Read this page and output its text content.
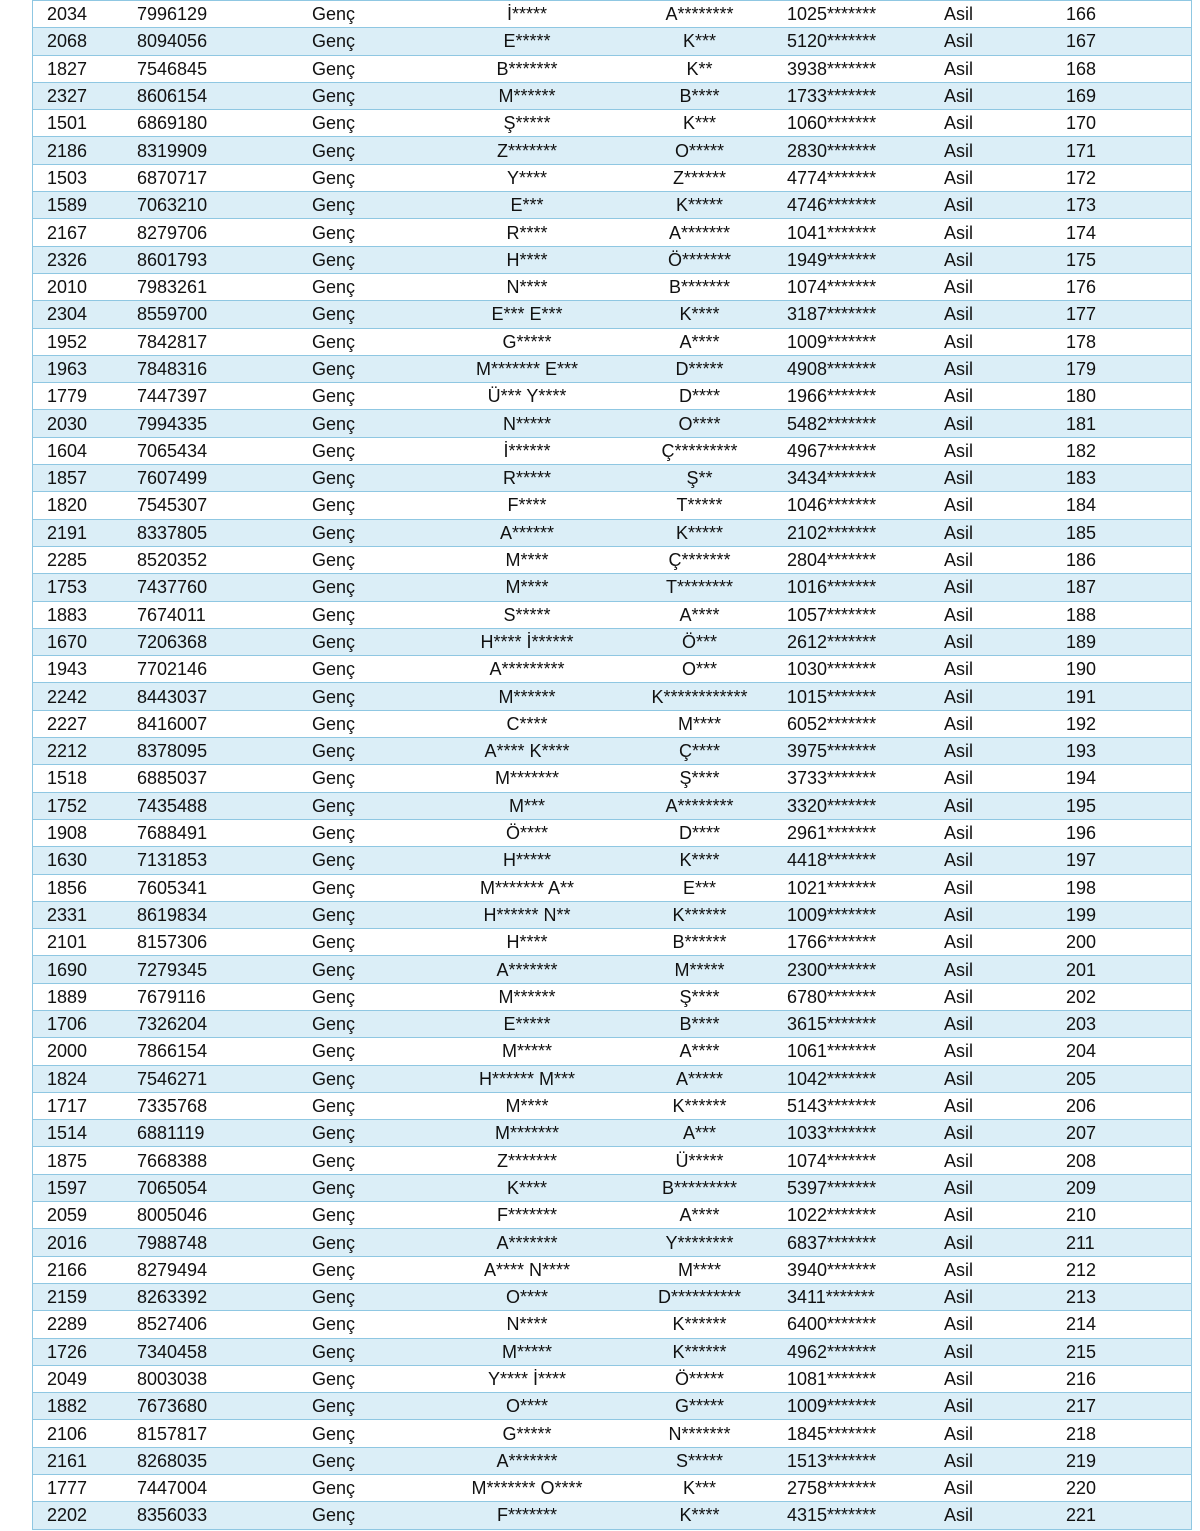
2034	7996129	Genç	İ*****	A********	1025*******	Asil	166
2068	8094056	Genç	E*****	K***	5120*******	Asil	167
1827	7546845	Genç	B*******	K**	3938*******	Asil	168
2327	8606154	Genç	M******	B****	1733*******	Asil	169
1501	6869180	Genç	Ş*****	K***	1060*******	Asil	170
2186	8319909	Genç	Z*******	O*****	2830*******	Asil	171
1503	6870717	Genç	Y****	Z******	4774*******	Asil	172
1589	7063210	Genç	E***	K*****	4746*******	Asil	173
2167	8279706	Genç	R****	A*******	1041*******	Asil	174
2326	8601793	Genç	H****	Ö*******	1949*******	Asil	175
2010	7983261	Genç	N****	B*******	1074*******	Asil	176
2304	8559700	Genç	E*** E***	K****	3187*******	Asil	177
1952	7842817	Genç	G*****	A****	1009*******	Asil	178
1963	7848316	Genç	M******* E***	D*****	4908*******	Asil	179
1779	7447397	Genç	Ü*** Y****	D****	1966*******	Asil	180
2030	7994335	Genç	N*****	O****	5482*******	Asil	181
1604	7065434	Genç	İ******	Ç*********	4967*******	Asil	182
1857	7607499	Genç	R*****	Ş**	3434*******	Asil	183
1820	7545307	Genç	F****	T*****	1046*******	Asil	184
2191	8337805	Genç	A******	K*****	2102*******	Asil	185
2285	8520352	Genç	M****	Ç*******	2804*******	Asil	186
1753	7437760	Genç	M****	T********	1016*******	Asil	187
1883	7674011	Genç	S*****	A****	1057*******	Asil	188
1670	7206368	Genç	H**** İ******	Ö***	2612*******	Asil	189
1943	7702146	Genç	A*********	O***	1030*******	Asil	190
2242	8443037	Genç	M******	K************	1015*******	Asil	191
2227	8416007	Genç	C****	M****	6052*******	Asil	192
2212	8378095	Genç	A**** K****	Ç****	3975*******	Asil	193
1518	6885037	Genç	M*******	Ş****	3733*******	Asil	194
1752	7435488	Genç	M***	A********	3320*******	Asil	195
1908	7688491	Genç	Ö****	D****	2961*******	Asil	196
1630	7131853	Genç	H*****	K****	4418*******	Asil	197
1856	7605341	Genç	M******* A**	E***	1021*******	Asil	198
2331	8619834	Genç	H****** N**	K******	1009*******	Asil	199
2101	8157306	Genç	H****	B******	1766*******	Asil	200
1690	7279345	Genç	A*******	M*****	2300*******	Asil	201
1889	7679116	Genç	M******	Ş****	6780*******	Asil	202
1706	7326204	Genç	E*****	B****	3615*******	Asil	203
2000	7866154	Genç	M*****	A****	1061*******	Asil	204
1824	7546271	Genç	H****** M***	A*****	1042*******	Asil	205
1717	7335768	Genç	M****	K******	5143*******	Asil	206
1514	6881119	Genç	M*******	A***	1033*******	Asil	207
1875	7668388	Genç	Z*******	Ü*****	1074*******	Asil	208
1597	7065054	Genç	K****	B*********	5397*******	Asil	209
2059	8005046	Genç	F*******	A****	1022*******	Asil	210
2016	7988748	Genç	A*******	Y********	6837*******	Asil	211
2166	8279494	Genç	A**** N****	M****	3940*******	Asil	212
2159	8263392	Genç	O****	D**********	3411*******	Asil	213
2289	8527406	Genç	N****	K******	6400*******	Asil	214
1726	7340458	Genç	M*****	K******	4962*******	Asil	215
2049	8003038	Genç	Y**** İ****	Ö*****	1081*******	Asil	216
1882	7673680	Genç	O****	G*****	1009*******	Asil	217
2106	8157817	Genç	G*****	N*******	1845*******	Asil	218
2161	8268035	Genç	A*******	S*****	1513*******	Asil	219
1777	7447004	Genç	M******* O****	K***	2758*******	Asil	220
2202	8356033	Genç	F*******	K****	4315*******	Asil	221
